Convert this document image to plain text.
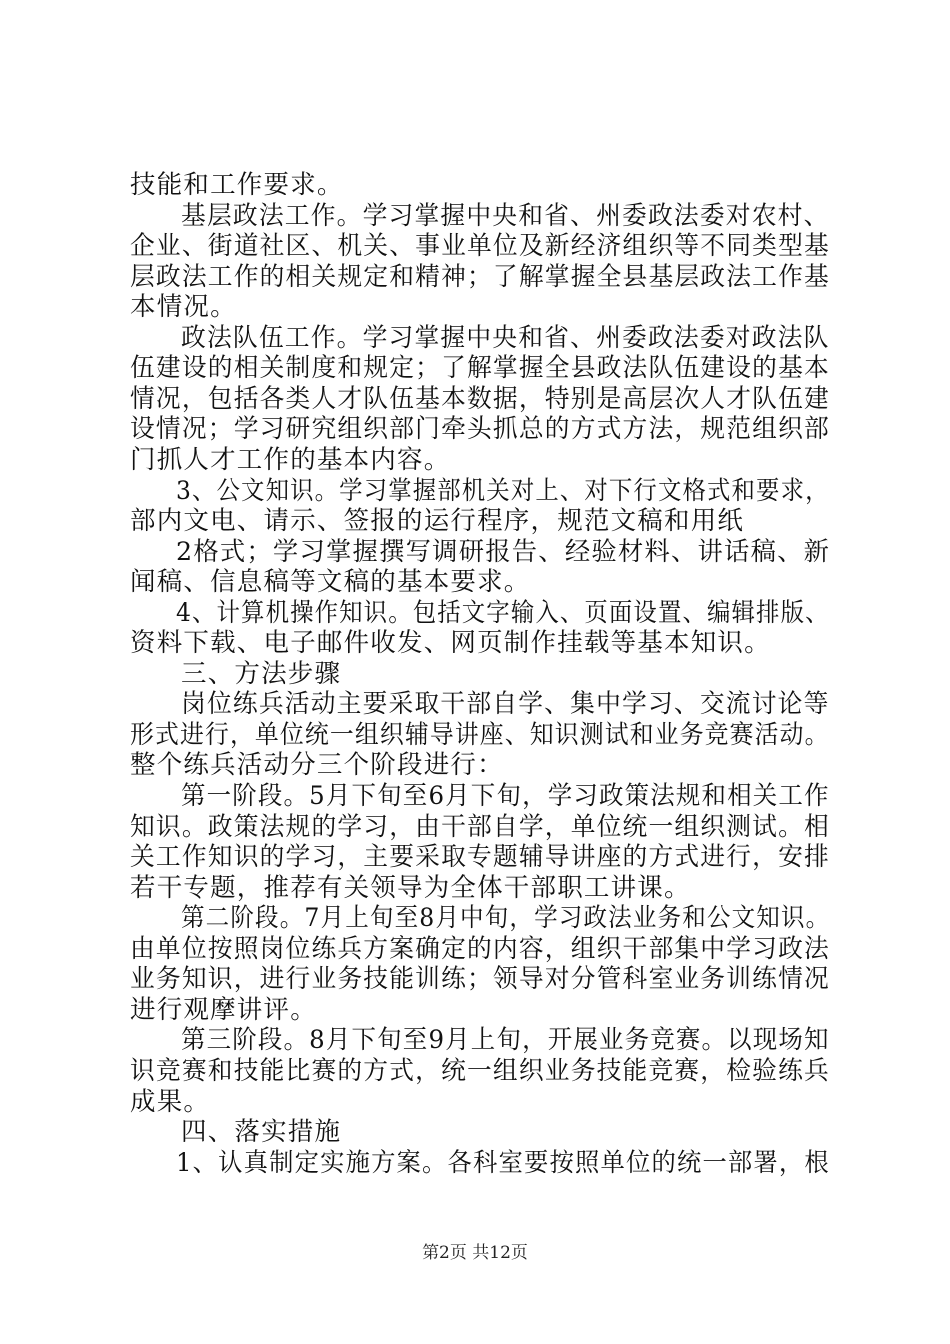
技能和工作要求。
基层政法工作。学习掌握中央和省、州委政法委对农村、
企业、街道社区、机关、事业单位及新经济组织等不同类型基
层政法工作的相关规定和精神；了解掌握全县基层政法工作基
本情况。
政法队伍工作。学习掌握中央和省、州委政法委对政法队
伍建设的相关制度和规定；了解掌握全县政法队伍建设的基本
情况，包括各类人才队伍基本数据，特别是高层次人才队伍建
设情况；学习研究组织部门牵头抓总的方式方法，规范组织部
门抓人才工作的基本内容。
3、公文知识。学习掌握部机关对上、对下行文格式和要求，
部内文电、请示、签报的运行程序，规范文稿和用纸
2格式；学习掌握撰写调研报告、经验材料、讲话稿、新
闻稿、信息稿等文稿的基本要求。
4、计算机操作知识。包括文字输入、页面设置、编辑排版、
资料下载、电子邮件收发、网页制作挂载等基本知识。
三、方法步骤
岗位练兵活动主要采取干部自学、集中学习、交流讨论等
形式进行，单位统一组织辅导讲座、知识测试和业务竞赛活动。
整个练兵活动分三个阶段进行：
第一阶段。5月下旬至6月下旬，学习政策法规和相关工作
知识。政策法规的学习，由干部自学，单位统一组织测试。相
关工作知识的学习，主要采取专题辅导讲座的方式进行，安排
若干专题，推荐有关领导为全体干部职工讲课。
第二阶段。7月上旬至8月中旬，学习政法业务和公文知识。
由单位按照岗位练兵方案确定的内容，组织干部集中学习政法
业务知识，进行业务技能训练；领导对分管科室业务训练情况
进行观摩讲评。
第三阶段。8月下旬至9月上旬，开展业务竞赛。以现场知
识竞赛和技能比赛的方式，统一组织业务技能竞赛，检验练兵
成果。
四、落实措施
1、认真制定实施方案。各科室要按照单位的统一部署，根
第2页 共12页
